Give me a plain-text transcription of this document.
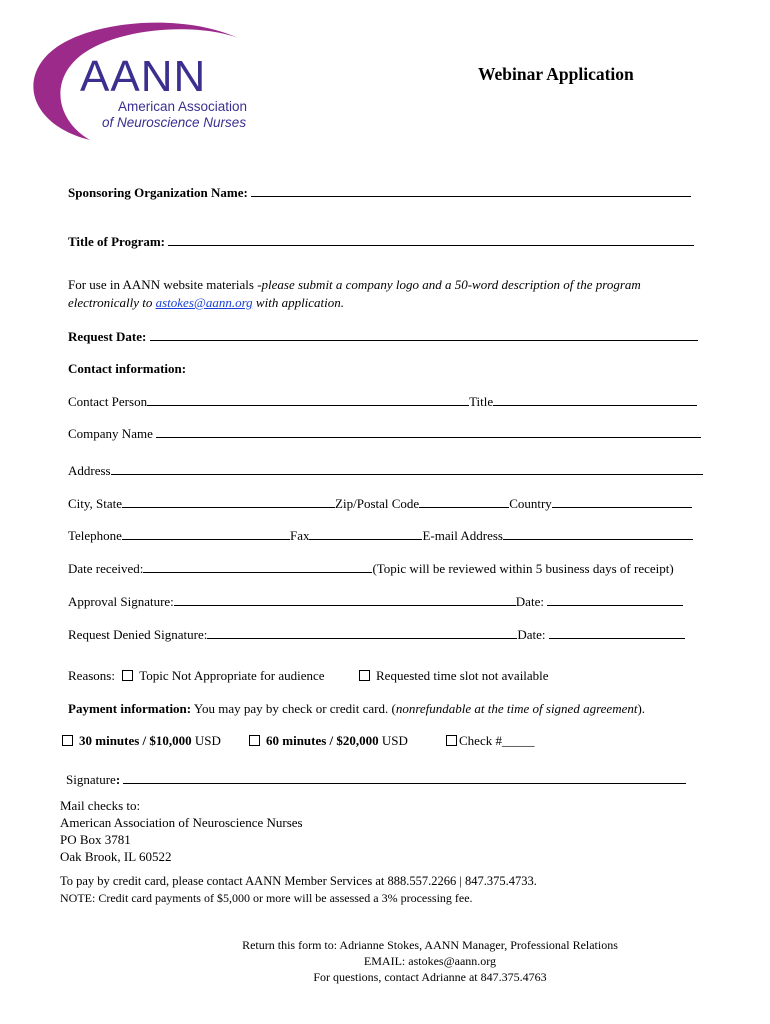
AANN
American Association
of Neuroscience Nurses
Webinar Application
Sponsoring Organization Name:
Title of Program:
For use in AANN website materials -please submit a company logo and a 50-word description of the program
electronically to astokes@aann.org with application.
Request Date:
Contact information:
Contact Person	Title
Company Name
Address
City, State	Zip/Postal Code	Country
Telephone	Fax	E-mail Address
Date received:	(Topic will be reviewed within 5 business days of receipt)
Approval Signature:	Date:
Request Denied Signature:	Date:
Reasons: Topic Not Appropriate for audience	Requested time slot not available
Payment information: You may pay by check or credit card. (nonrefundable at the time of signed agreement).
30 minutes / $10,000 USD	60 minutes / $20,000 USD	Check #_____
Signature:
Mail checks to:
American Association of Neuroscience Nurses
PO Box 3781
Oak Brook, IL 60522
To pay by credit card, please contact AANN Member Services at 888.557.2266 | 847.375.4733.
NOTE: Credit card payments of $5,000 or more will be assessed a 3% processing fee.
Return this form to: Adrianne Stokes, AANN Manager, Professional Relations
EMAIL: astokes@aann.org
For questions, contact Adrianne at 847.375.4763
